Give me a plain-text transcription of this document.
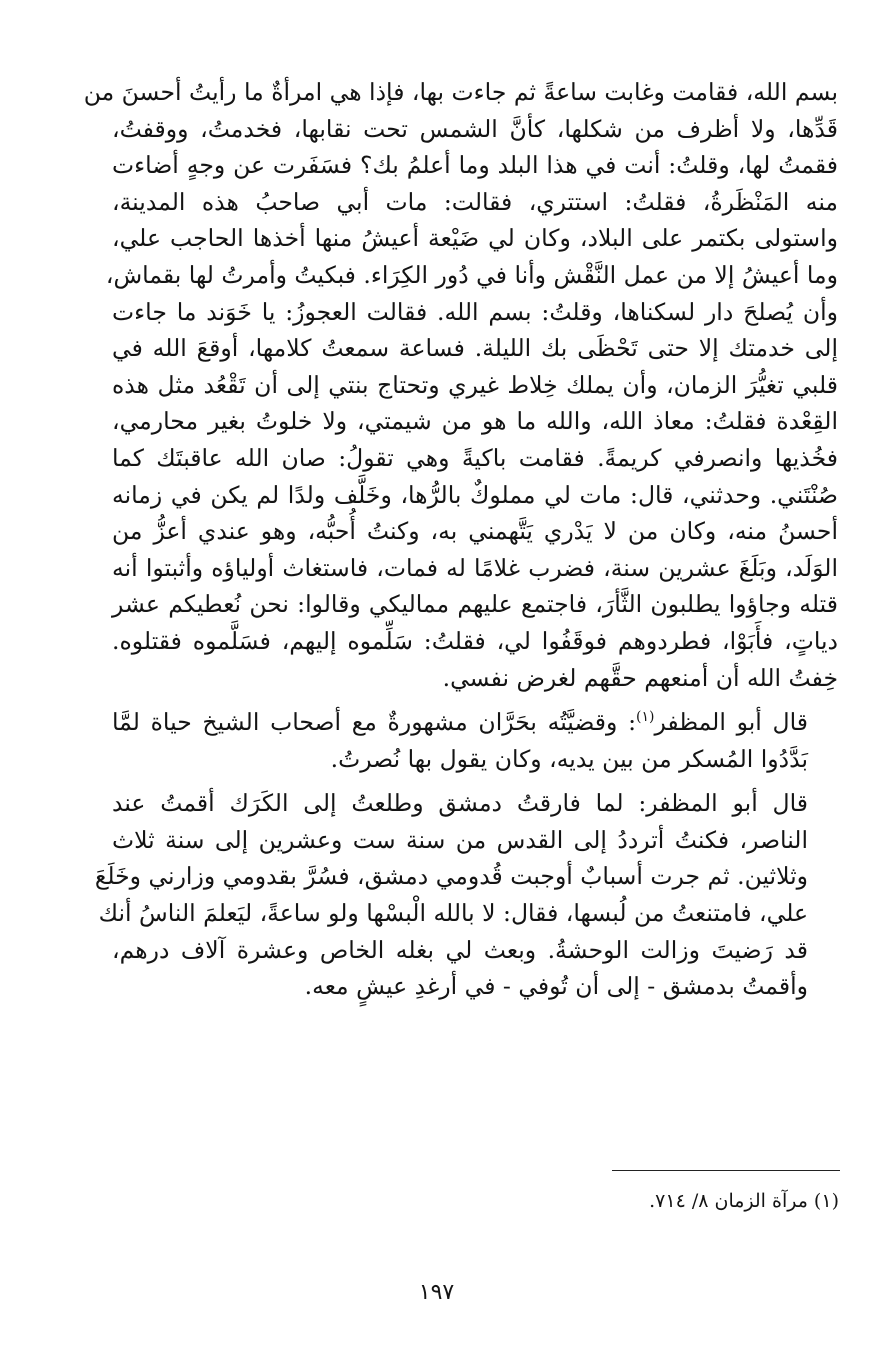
بسم الله، فقامت وغابت ساعةً ثم جاءت بها، فإذا هي امرأةٌ ما رأيتُ أحسنَ من
قَدِّها، ولا أظرف من شكلها، كأنَّ الشمس تحت نقابها، فخدمتُ، ووقفتُ،
فقمتُ لها، وقلتُ: أنت في هذا البلد وما أعلمُ بك؟ فسَفَرت عن وجهٍ أضاءت
منه المَنْظَرةُ، فقلتُ: استتري، فقالت: مات أبي صاحبُ هذه المدينة،
واستولى بكتمر على البلاد، وكان لي ضَيْعة أعيشُ منها أخذها الحاجب علي،
وما أعيشُ إلا من عمل النَّقْش وأنا في دُور الكِرَاء. فبكيتُ وأمرتُ لها بقماش،
وأن يُصلحَ دار لسكناها، وقلتُ: بسم الله. فقالت العجوزُ: يا خَوَند ما جاءت
إلى خدمتك إلا حتى تَحْظَى بك الليلة. فساعة سمعتُ كلامها، أوقعَ الله في
قلبي تغيُّرَ الزمان، وأن يملك خِلاط غيري وتحتاج بنتي إلى أن تَقْعُد مثل هذه
القِعْدة فقلتُ: معاذ الله، والله ما هو من شيمتي، ولا خلوتُ بغير محارمي،
فخُذيها وانصرفي كريمةً. فقامت باكيةً وهي تقولُ: صان الله عاقبتَك كما
صُنْتَني. وحدثني، قال: مات لي مملوكٌ بالرُّها، وخَلَّف ولدًا لم يكن في زمانه
أحسنُ منه، وكان من لا يَدْري يَتَّهمني به، وكنتُ أُحبُّه، وهو عندي أعزُّ من
الوَلَد، وبَلَغَ عشرين سنة، فضرب غلامًا له فمات، فاستغاث أولياؤه وأثبتوا أنه
قتله وجاؤوا يطلبون الثَّأرَ، فاجتمع عليهم مماليكي وقالوا: نحن نُعطيكم عشر
دياتٍ، فأَبَوْا، فطردوهم فوقَفُوا لي، فقلتُ: سَلِّموه إليهم، فسَلَّموه فقتلوه.
خِفتُ الله أن أمنعهم حقَّهم لغرض نفسي.

قال أبو المظفر$^{(١)}$: وقضيَّتُه بحَرَّان مشهورةٌ مع أصحاب الشيخ حياة لمَّا
بَدَّدُوا المُسكر من بين يديه، وكان يقول بها نُصرتُ.

قال أبو المظفر: لما فارقتُ دمشق وطلعتُ إلى الكَرَك أقمتُ عند
الناصر، فكنتُ أترددُ إلى القدس من سنة ست وعشرين إلى سنة ثلاث
وثلاثين. ثم جرت أسبابٌ أوجبت قُدومي دمشق، فسُرَّ بقدومي وزارني وخَلَعَ
علي، فامتنعتُ من لُبسها، فقال: لا بالله الْبسْها ولو ساعةً، ليَعلمَ الناسُ أنك
قد رَضيتَ وزالت الوحشةُ. وبعث لي بغله الخاص وعشرة آلاف درهم،
وأقمتُ بدمشق - إلى أن تُوفي - في أرغدِ عيشٍ معه.

(١) مرآة الزمان ٨/ ٧١٤.
١٩٧
